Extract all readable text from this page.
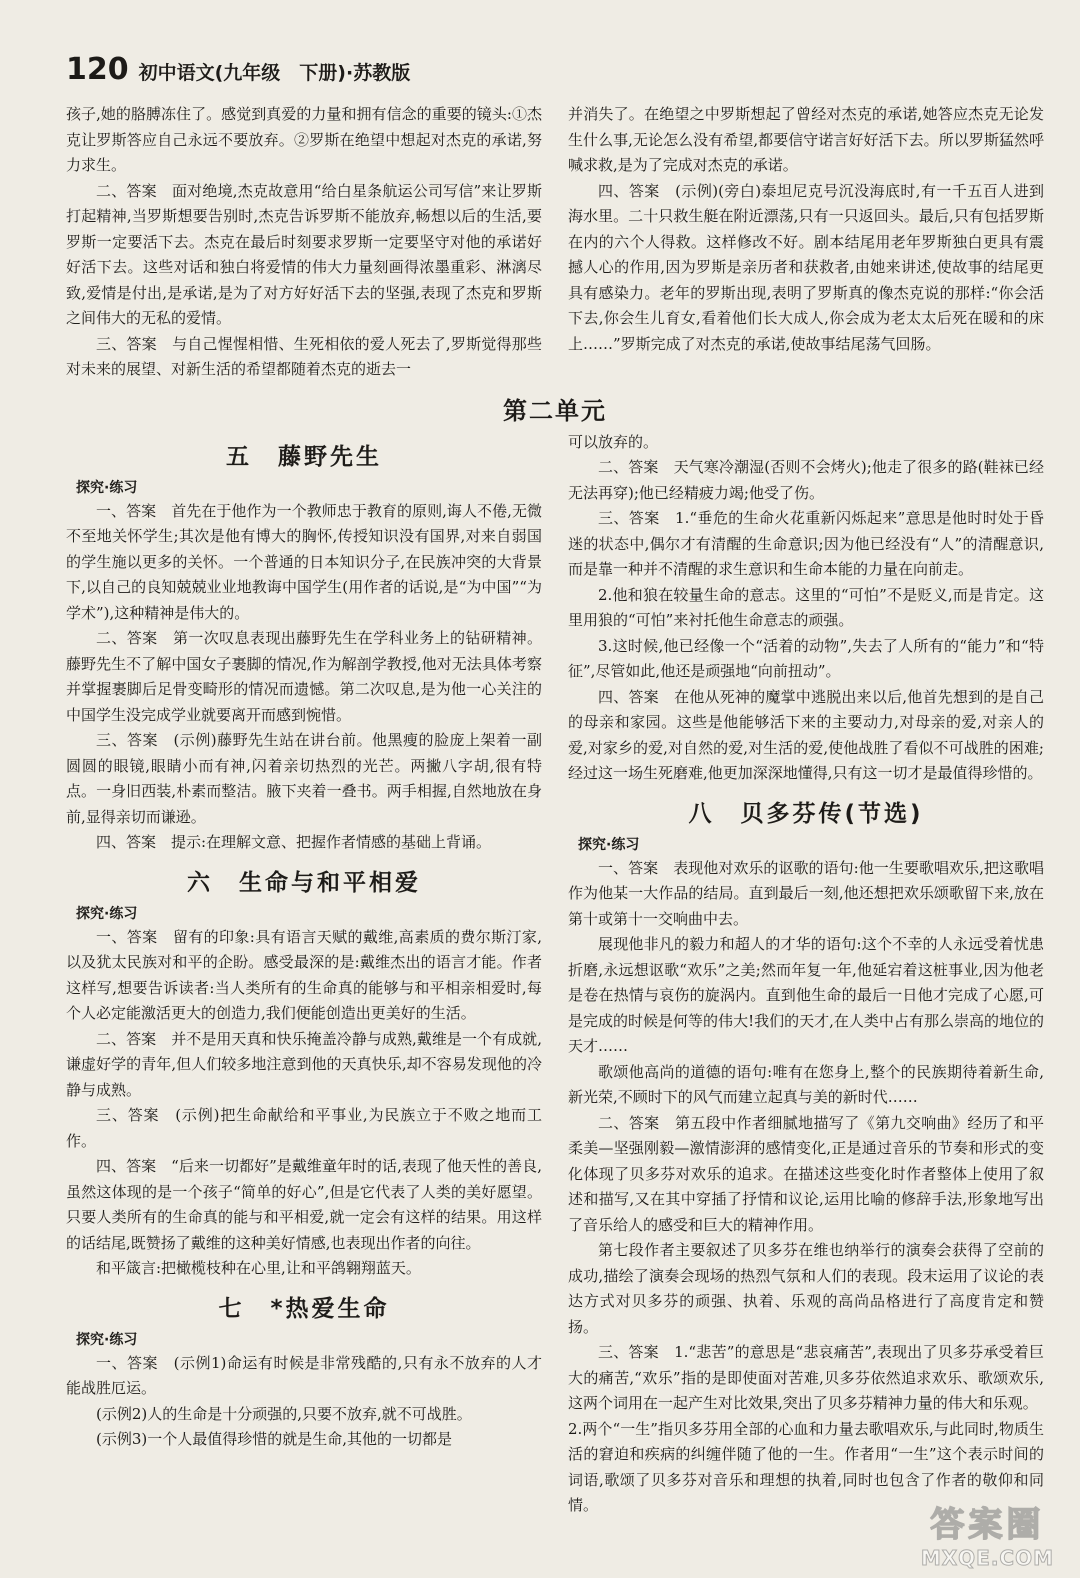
120 初中语文(九年级　下册)·苏教版

孩子,她的胳膊冻住了。感觉到真爱的力量和拥有信念的重要的镜头:①杰克让罗斯答应自己永远不要放弃。②罗斯在绝望中想起对杰克的承诺,努力求生。

二、答案　面对绝境,杰克故意用“给白星条航运公司写信”来让罗斯打起精神,当罗斯想要告别时,杰克告诉罗斯不能放弃,畅想以后的生活,要罗斯一定要活下去。杰克在最后时刻要求罗斯一定要坚守对他的承诺好好活下去。这些对话和独白将爱情的伟大力量刻画得浓墨重彩、淋漓尽致,爱情是付出,是承诺,是为了对方好好活下去的坚强,表现了杰克和罗斯之间伟大的无私的爱情。

三、答案　与自己惺惺相惜、生死相依的爱人死去了,罗斯觉得那些对未来的展望、对新生活的希望都随着杰克的逝去一

并消失了。在绝望之中罗斯想起了曾经对杰克的承诺,她答应杰克无论发生什么事,无论怎么没有希望,都要信守诺言好好活下去。所以罗斯猛然呼喊求救,是为了完成对杰克的承诺。

四、答案　(示例)(旁白)泰坦尼克号沉没海底时,有一千五百人进到海水里。二十只救生艇在附近漂荡,只有一只返回头。最后,只有包括罗斯在内的六个人得救。这样修改不好。剧本结尾用老年罗斯独白更具有震撼人心的作用,因为罗斯是亲历者和获救者,由她来讲述,使故事的结尾更具有感染力。老年的罗斯出现,表明了罗斯真的像杰克说的那样:“你会活下去,你会生儿育女,看着他们长大成人,你会成为老太太后死在暖和的床上……”罗斯完成了对杰克的承诺,使故事结尾荡气回肠。

第二单元
五　藤野先生
探究·练习

一、答案　首先在于他作为一个教师忠于教育的原则,诲人不倦,无微不至地关怀学生;其次是他有博大的胸怀,传授知识没有国界,对来自弱国的学生施以更多的关怀。一个普通的日本知识分子,在民族冲突的大背景下,以自己的良知兢兢业业地教诲中国学生(用作者的话说,是“为中国”“为学术”),这种精神是伟大的。

二、答案　第一次叹息表现出藤野先生在学科业务上的钻研精神。藤野先生不了解中国女子裹脚的情况,作为解剖学教授,他对无法具体考察并掌握裹脚后足骨变畸形的情况而遗憾。第二次叹息,是为他一心关注的中国学生没完成学业就要离开而感到惋惜。

三、答案　(示例)藤野先生站在讲台前。他黑瘦的脸庞上架着一副圆圆的眼镜,眼睛小而有神,闪着亲切热烈的光芒。两撇八字胡,很有特点。一身旧西装,朴素而整洁。腋下夹着一叠书。两手相握,自然地放在身前,显得亲切而谦逊。

四、答案　提示:在理解文意、把握作者情感的基础上背诵。

六　生命与和平相爱
探究·练习

一、答案　留有的印象:具有语言天赋的戴维,高素质的费尔斯汀家,以及犹太民族对和平的企盼。感受最深的是:戴维杰出的语言才能。作者这样写,想要告诉读者:当人类所有的生命真的能够与和平相亲相爱时,每个人必定能激活更大的创造力,我们便能创造出更美好的生活。

二、答案　并不是用天真和快乐掩盖冷静与成熟,戴维是一个有成就,谦虚好学的青年,但人们较多地注意到他的天真快乐,却不容易发现他的冷静与成熟。

三、答案　(示例)把生命献给和平事业,为民族立于不败之地而工作。

四、答案　“后来一切都好”是戴维童年时的话,表现了他天性的善良,虽然这体现的是一个孩子“简单的好心”,但是它代表了人类的美好愿望。只要人类所有的生命真的能与和平相爱,就一定会有这样的结果。用这样的话结尾,既赞扬了戴维的这种美好情感,也表现出作者的向往。

和平箴言:把橄榄枝种在心里,让和平鸽翱翔蓝天。

七　*热爱生命
探究·练习

一、答案　(示例1)命运有时候是非常残酷的,只有永不放弃的人才能战胜厄运。

(示例2)人的生命是十分顽强的,只要不放弃,就不可战胜。

(示例3)一个人最值得珍惜的就是生命,其他的一切都是

可以放弃的。

二、答案　天气寒冷潮湿(否则不会烤火);他走了很多的路(鞋袜已经无法再穿);他已经精疲力竭;他受了伤。

三、答案　1.“垂危的生命火花重新闪烁起来”意思是他时时处于昏迷的状态中,偶尔才有清醒的生命意识;因为他已经没有“人”的清醒意识,而是靠一种并不清醒的求生意识和生命本能的力量在向前走。

2.他和狼在较量生命的意志。这里的“可怕”不是贬义,而是肯定。这里用狼的“可怕”来衬托他生命意志的顽强。

3.这时候,他已经像一个“活着的动物”,失去了人所有的“能力”和“特征”,尽管如此,他还是顽强地“向前扭动”。

四、答案　在他从死神的魔掌中逃脱出来以后,他首先想到的是自己的母亲和家园。这些是他能够活下来的主要动力,对母亲的爱,对亲人的爱,对家乡的爱,对自然的爱,对生活的爱,使他战胜了看似不可战胜的困难;经过这一场生死磨难,他更加深深地懂得,只有这一切才是最值得珍惜的。

八　贝多芬传(节选)
探究·练习

一、答案　表现他对欢乐的讴歌的语句:他一生要歌唱欢乐,把这歌唱作为他某一大作品的结局。直到最后一刻,他还想把欢乐颂歌留下来,放在第十或第十一交响曲中去。

展现他非凡的毅力和超人的才华的语句:这个不幸的人永远受着忧患折磨,永远想讴歌“欢乐”之美;然而年复一年,他延宕着这桩事业,因为他老是卷在热情与哀伤的旋涡内。直到他生命的最后一日他才完成了心愿,可是完成的时候是何等的伟大!我们的天才,在人类中占有那么崇高的地位的天才……

歌颂他高尚的道德的语句:唯有在您身上,整个的民族期待着新生命,新光荣,不顾时下的风气而建立起真与美的新时代……

二、答案　第五段中作者细腻地描写了《第九交响曲》经历了和平柔美—坚强刚毅—激情澎湃的感情变化,正是通过音乐的节奏和形式的变化体现了贝多芬对欢乐的追求。在描述这些变化时作者整体上使用了叙述和描写,又在其中穿插了抒情和议论,运用比喻的修辞手法,形象地写出了音乐给人的感受和巨大的精神作用。

第七段作者主要叙述了贝多芬在维也纳举行的演奏会获得了空前的成功,描绘了演奏会现场的热烈气氛和人们的表现。段末运用了议论的表达方式对贝多芬的顽强、执着、乐观的高尚品格进行了高度肯定和赞扬。

三、答案　1.“悲苦”的意思是“悲哀痛苦”,表现出了贝多芬承受着巨大的痛苦,“欢乐”指的是即使面对苦难,贝多芬依然追求欢乐、歌颂欢乐,这两个词用在一起产生对比效果,突出了贝多芬精神力量的伟大和乐观。

2.两个“一生”指贝多芬用全部的心血和力量去歌唱欢乐,与此同时,物质生活的窘迫和疾病的纠缠伴随了他的一生。作者用“一生”这个表示时间的词语,歌颂了贝多芬对音乐和理想的执着,同时也包含了作者的敬仰和同情。	答案圈
MXQE.COM
